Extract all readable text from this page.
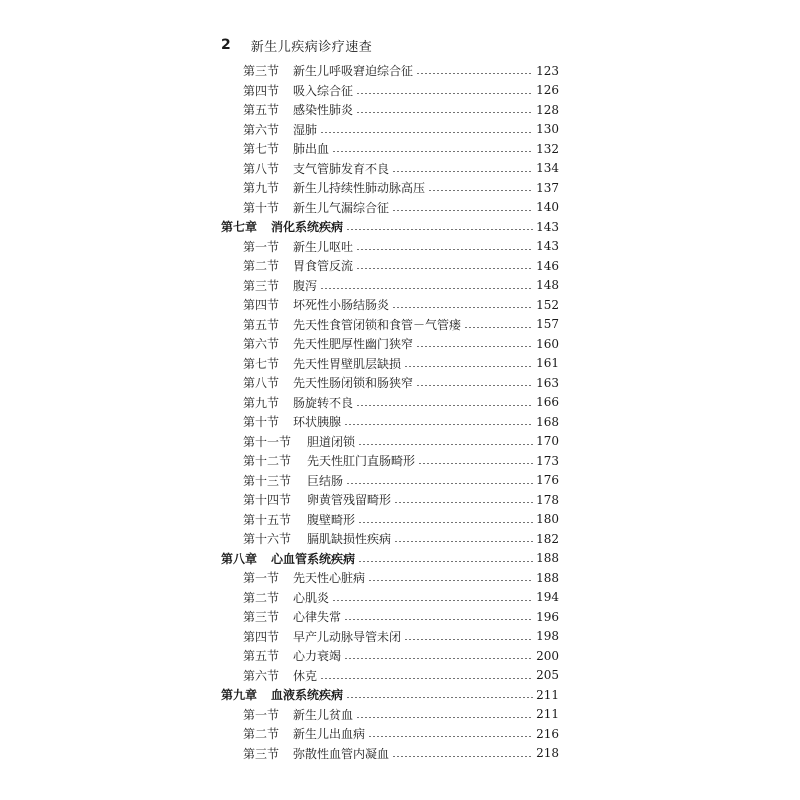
2 新生儿疾病诊疗速查
第三节	新生儿呼吸窘迫综合征	123
第四节	吸入综合征	126
第五节	感染性肺炎	128
第六节	湿肺	130
第七节	肺出血	132
第八节	支气管肺发育不良	134
第九节	新生儿持续性肺动脉高压	137
第十节	新生儿气漏综合征	140
第七章	消化系统疾病	143
第一节	新生儿呕吐	143
第二节	胃食管反流	146
第三节	腹泻	148
第四节	坏死性小肠结肠炎	152
第五节	先天性食管闭锁和食管－气管瘘	157
第六节	先天性肥厚性幽门狭窄	160
第七节	先天性胃壁肌层缺损	161
第八节	先天性肠闭锁和肠狭窄	163
第九节	肠旋转不良	166
第十节	环状胰腺	168
第十一节	胆道闭锁	170
第十二节	先天性肛门直肠畸形	173
第十三节	巨结肠	176
第十四节	卵黄管残留畸形	178
第十五节	腹壁畸形	180
第十六节	膈肌缺损性疾病	182
第八章	心血管系统疾病	188
第一节	先天性心脏病	188
第二节	心肌炎	194
第三节	心律失常	196
第四节	早产儿动脉导管未闭	198
第五节	心力衰竭	200
第六节	休克	205
第九章	血液系统疾病	211
第一节	新生儿贫血	211
第二节	新生儿出血病	216
第三节	弥散性血管内凝血	218
